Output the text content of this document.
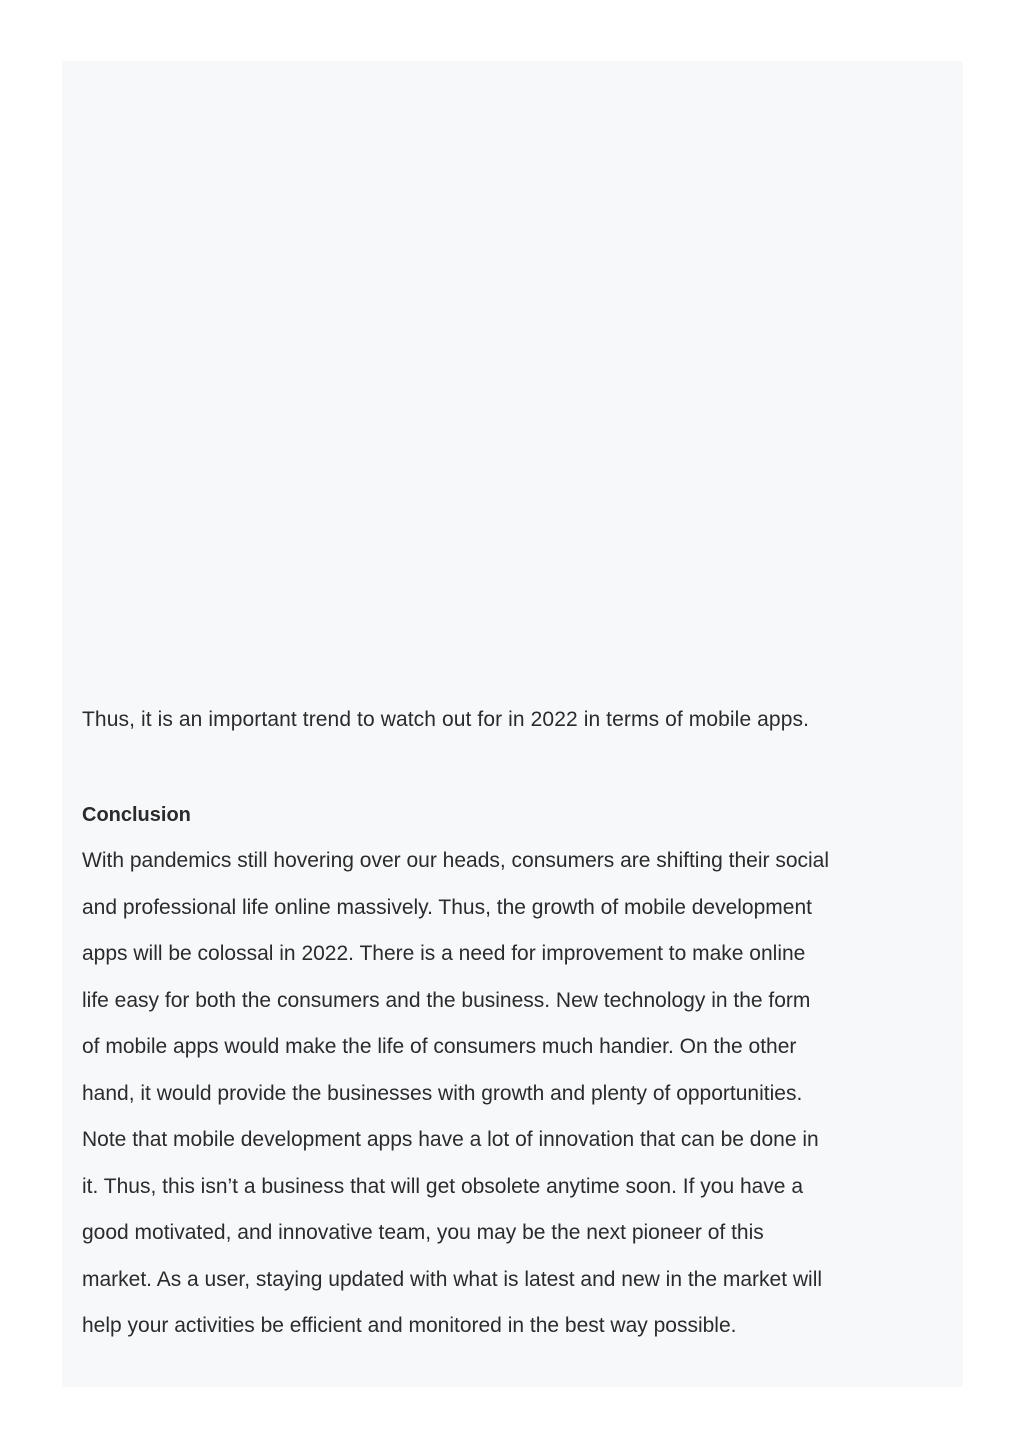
Thus, it is an important trend to watch out for in 2022 in terms of mobile apps.

Conclusion

With pandemics still hovering over our heads, consumers are shifting their social
and professional life online massively. Thus, the growth of mobile development
apps will be colossal in 2022. There is a need for improvement to make online
life easy for both the consumers and the business. New technology in the form
of mobile apps would make the life of consumers much handier. On the other
hand, it would provide the businesses with growth and plenty of opportunities.
Note that mobile development apps have a lot of innovation that can be done in
it. Thus, this isn’t a business that will get obsolete anytime soon. If you have a
good motivated, and innovative team, you may be the next pioneer of this
market. As a user, staying updated with what is latest and new in the market will
help your activities be efficient and monitored in the best way possible.
